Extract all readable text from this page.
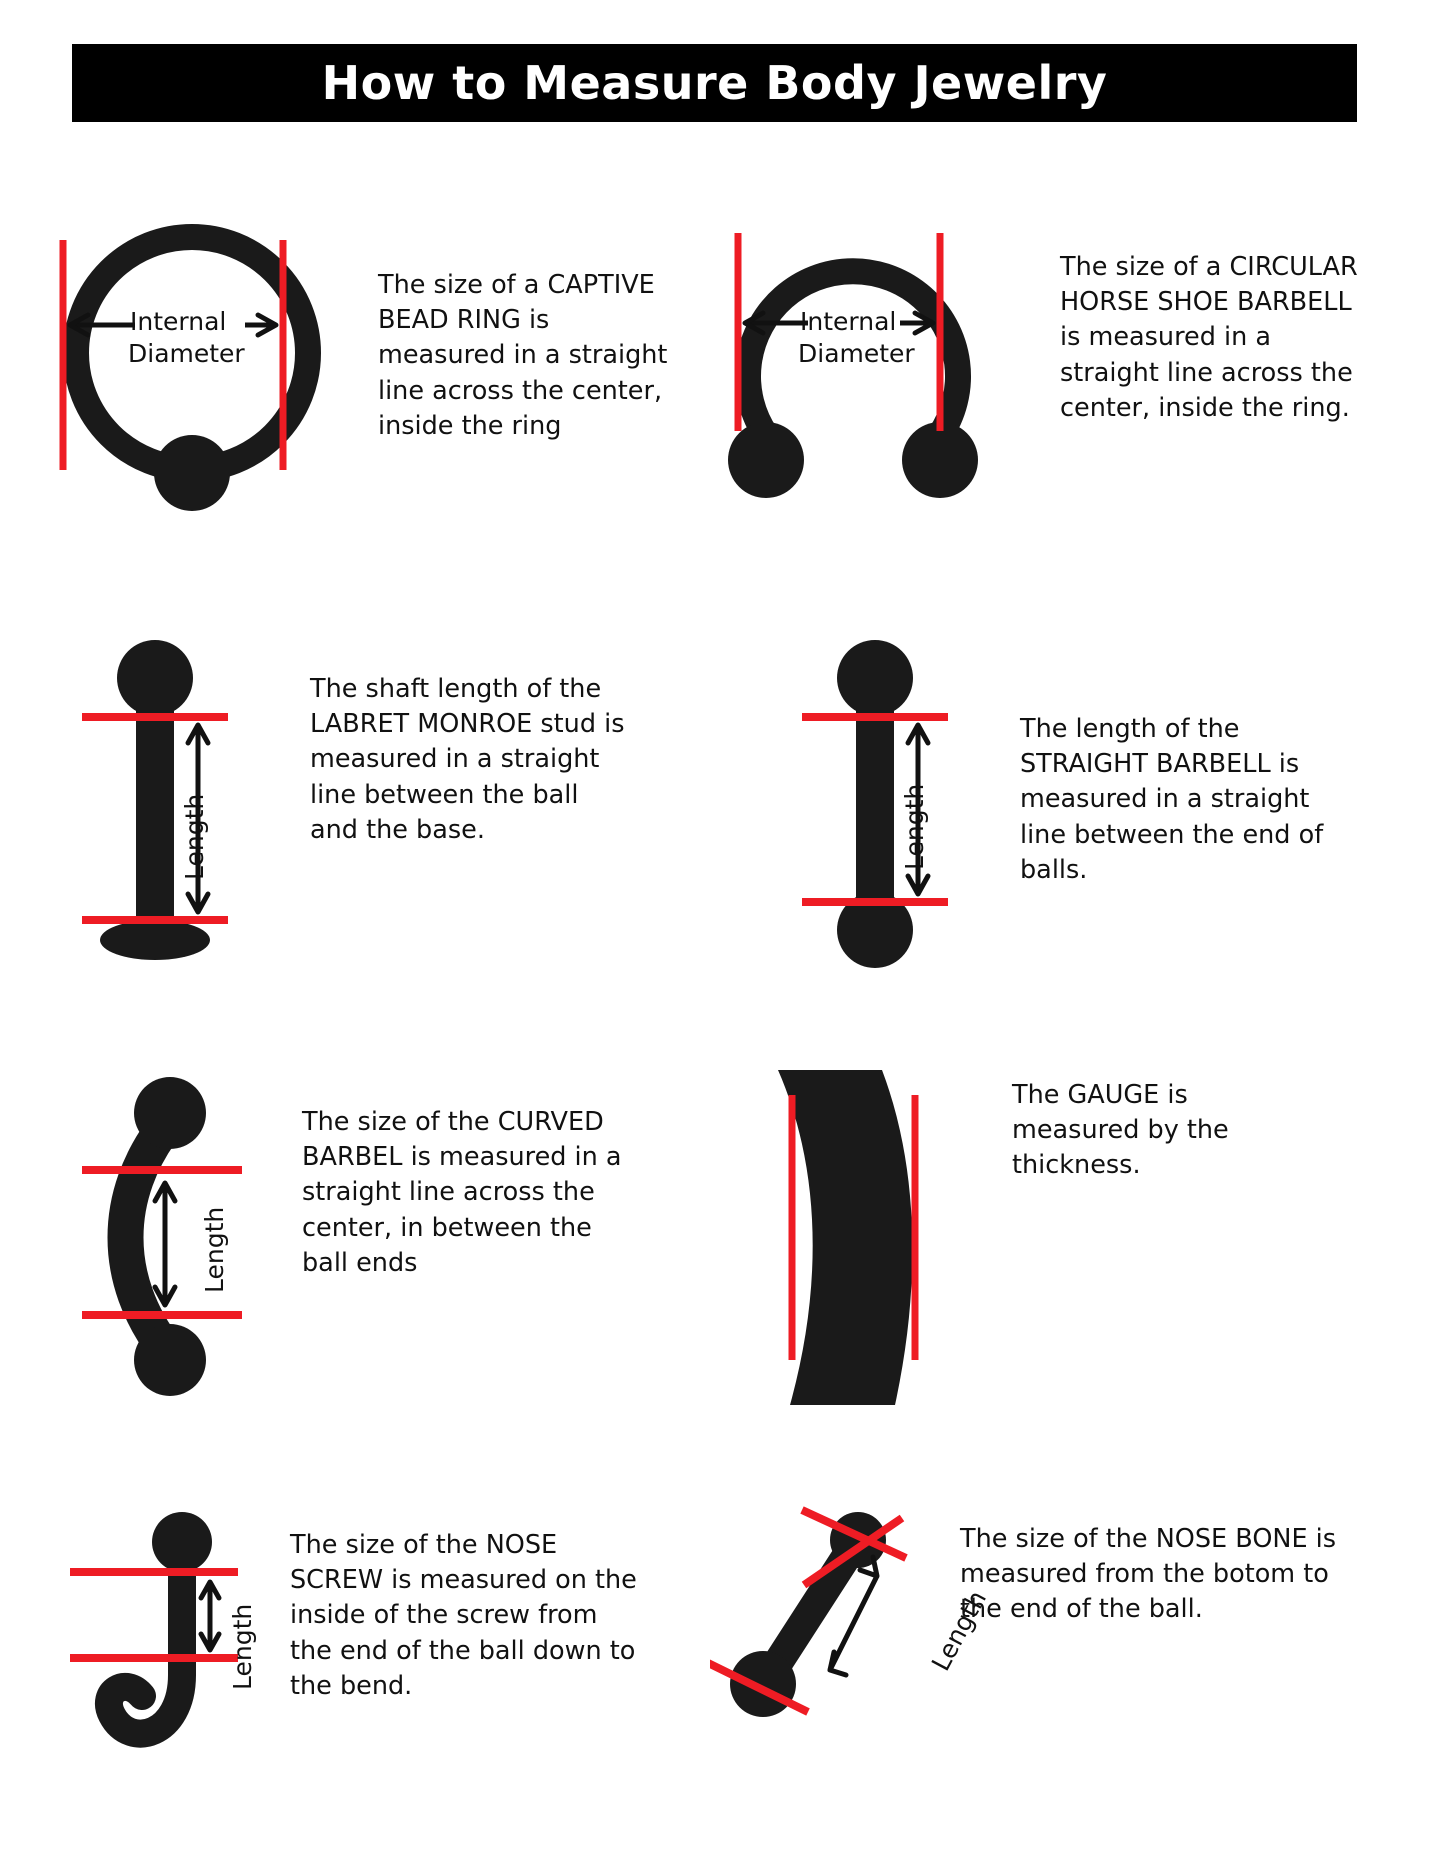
How to Measure Body Jewelry
Internal
Diameter
The size of a CAPTIVE BEAD RING is measured in a straight line across the center, inside the ring
Internal
Diameter
The size of a CIRCULAR HORSE SHOE BARBELL is measured in a straight line across the center, inside the ring.
Length
The shaft length of the LABRET MONROE stud is measured in a straight line between the ball and the base.	Length
The length of the STRAIGHT BARBELL is measured in a straight line between the end of balls.
Length
The size of the CURVED BARBEL is measured in a straight line across the center, in between the ball ends
The GAUGE is measured by the thickness.
Length
The size of the NOSE SCREW is measured on the inside of the screw from the end of the ball down to the bend.
Length
The size of the NOSE BONE is measured from the botom to the end of the ball.
